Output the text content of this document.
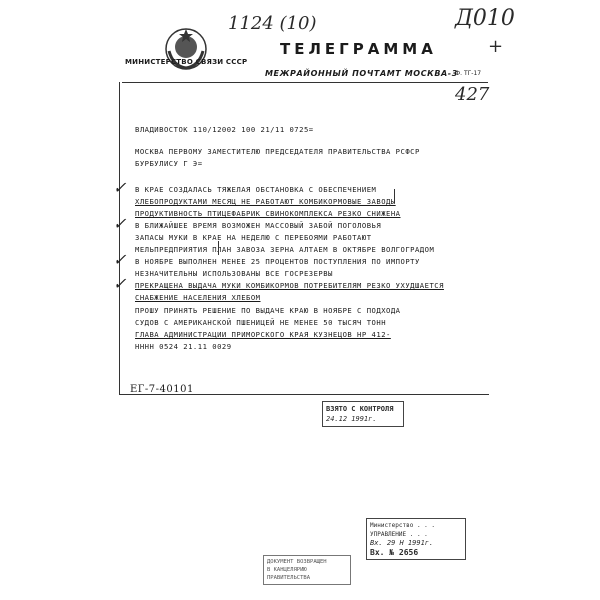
МИНИСТЕРСТВО СВЯЗИ СССР
ТЕЛЕГРАММА
МЕЖРАЙОННЫЙ ПОЧТАМТ МОСКВА-3
Ф. ТГ-17
1124 (10)	Д010
+
427
ВЛАДИВОСТОК 110/12002 100 21/11 0725=
МОСКВА ПЕРВОМУ ЗАМЕСТИТЕЛЮ ПРЕДСЕДАТЕЛЯ ПРАВИТЕЛЬСТВА РСФСР
БУРБУЛИСУ Г Э=
В КРАЕ СОЗДАЛАСЬ ТЯЖЕЛАЯ ОБСТАНОВКА С ОБЕСПЕЧЕНИЕМ
ХЛЕБОПРОДУКТАМИ МЕСЯЦ НЕ РАБОТАЮТ КОМБИКОРМОВЫЕ ЗАВОДЫ
ПРОДУКТИВНОСТЬ ПТИЦЕФАБРИК СВИНОКОМПЛЕКСА РЕЗКО СНИЖЕНА
В БЛИЖАЙШЕЕ ВРЕМЯ ВОЗМОЖЕН МАССОВЫЙ ЗАБОЙ ПОГОЛОВЬЯ
ЗАПАСЫ МУКИ В КРАЕ НА НЕДЕЛЮ С ПЕРЕБОЯМИ РАБОТАЮТ
МЕЛЬПРЕДПРИЯТИЯ ПЛАН ЗАВОЗА ЗЕРНА АЛТАЕМ В ОКТЯБРЕ ВОЛГОГРАДОМ
В НОЯБРЕ ВЫПОЛНЕН МЕНЕЕ 25 ПРОЦЕНТОВ ПОСТУПЛЕНИЯ ПО ИМПОРТУ
НЕЗНАЧИТЕЛЬНЫ ИСПОЛЬЗОВАНЫ ВСЕ ГОСРЕЗЕРВЫ
ПРЕКРАЩЕНА ВЫДАЧА МУКИ КОМБИКОРМОВ ПОТРЕБИТЕЛЯМ РЕЗКО УХУДШАЕТСЯ
СНАБЖЕНИЕ НАСЕЛЕНИЯ ХЛЕБОМ
ПРОШУ ПРИНЯТЬ РЕШЕНИЕ ПО ВЫДАЧЕ КРАЮ В НОЯБРЕ С ПОДХОДА
СУДОВ С АМЕРИКАНСКОЙ ПШЕНИЦЕЙ НЕ МЕНЕЕ 50 ТЫСЯЧ ТОНН
ГЛАВА АДМИНИСТРАЦИИ ПРИМОРСКОГО КРАЯ КУЗНЕЦОВ НР 412-
НННН 0524 21.11 0029
✓
✓
✓
✓
ЕГ-7-40101
ВЗЯТО С КОНТРОЛЯ
24.12 1991г.
Министерство . . . УПРАВЛЕНИЕ . . .
Вх. 29 Н 1991г.
Вх. № 2656
ДОКУМЕНТ ВОЗВРАЩЕН
В КАНЦЕЛЯРИЮ
ПРАВИТЕЛЬСТВА
